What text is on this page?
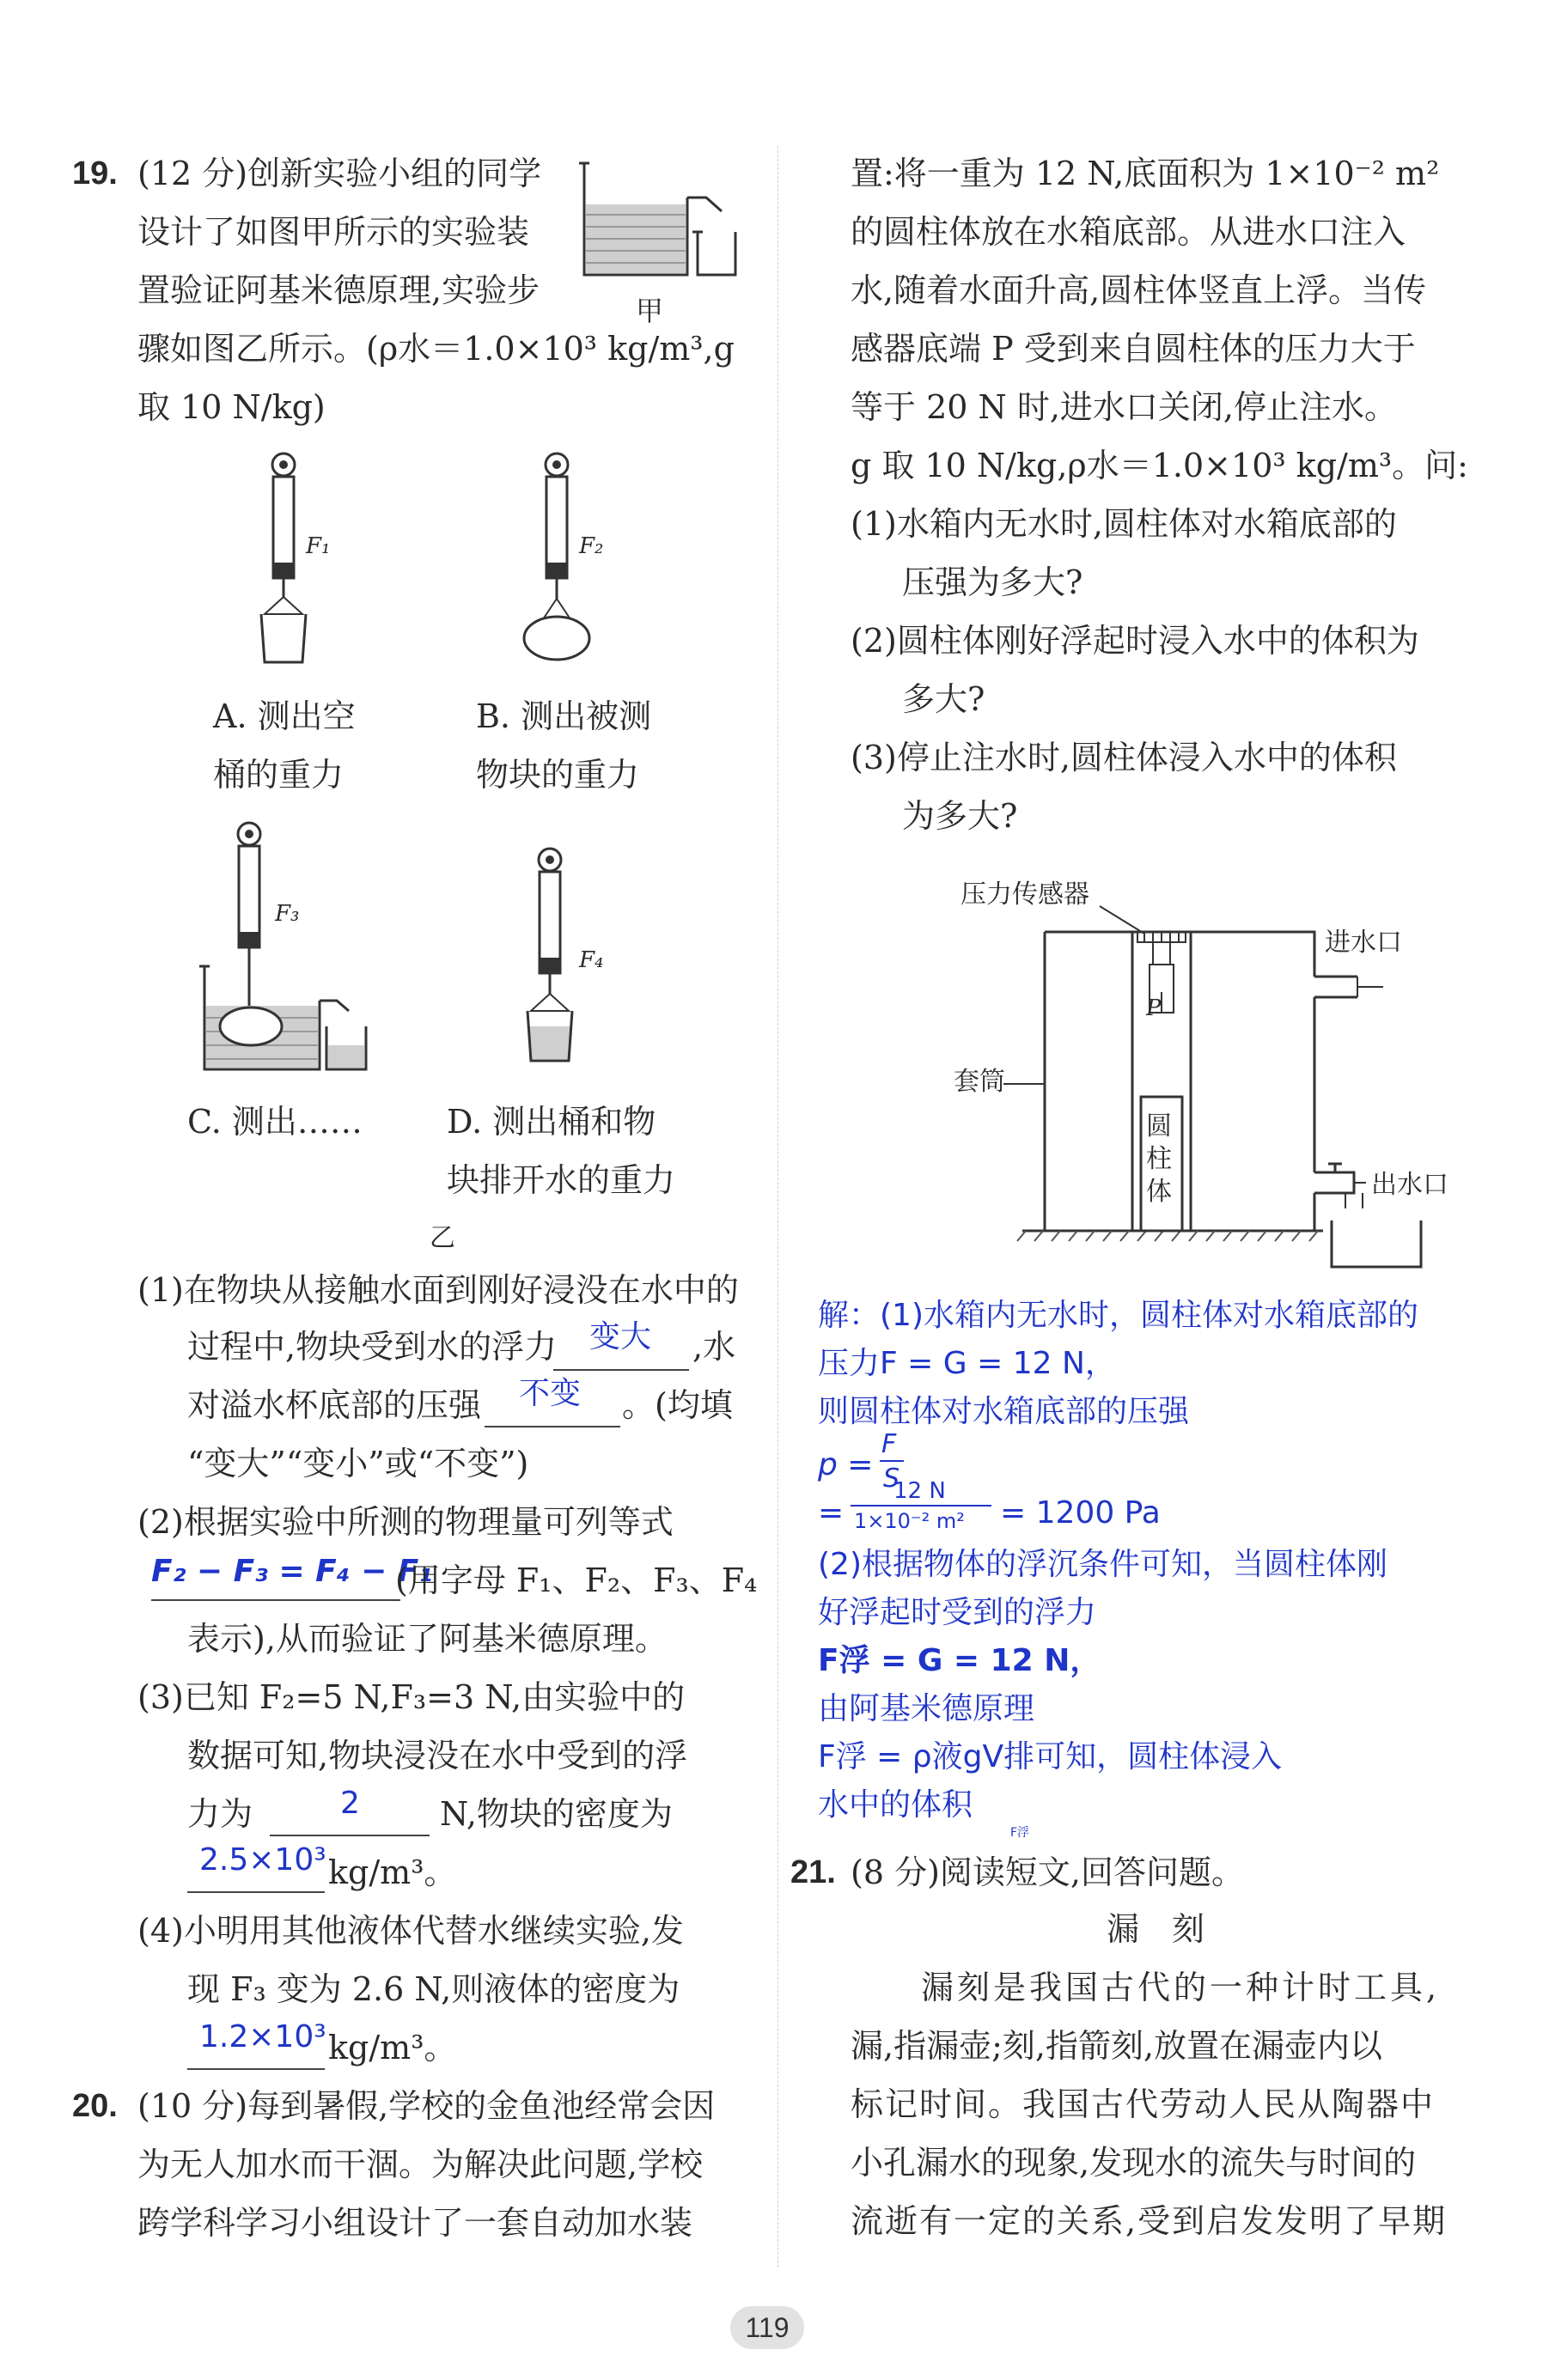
19. (12 分)创新实验小组的同学
设计了如图甲所示的实验装
置验证阿基米德原理,实验步
骤如图乙所示。(ρ水＝1.0×10³ kg/m³,g
取 10 N/kg)
甲
F₁
A. 测出空
桶的重力
F₂
B. 测出被测
物块的重力
F₃
C. 测出……
F₄
D. 测出桶和物
块排开水的重力
乙
(1)在物块从接触水面到刚好浸没在水中的
过程中,物块受到水的浮力 变大 ,水
对溢水杯底部的压强 不变 。(均填
“变大”“变小”或“不变”)
(2)根据实验中所测的物理量可列等式
F₂ − F₃ = F₄ − F₁
(用字母 F₁、F₂、F₃、F₄
表示),从而验证了阿基米德原理。
(3)已知 F₂=5 N,F₃=3 N,由实验中的
数据可知,物块浸没在水中受到的浮
力为	2 N,物块的密度为
2.5×10³ kg/m³。
(4)小明用其他液体代替水继续实验,发
现 F₃ 变为 2.6 N,则液体的密度为
1.2×10³ kg/m³。
20. (10 分)每到暑假,学校的金鱼池经常会因
为无人加水而干涸。为解决此问题,学校
跨学科学习小组设计了一套自动加水装
置:将一重为 12 N,底面积为 1×10⁻² m²
的圆柱体放在水箱底部。从进水口注入
水,随着水面升高,圆柱体竖直上浮。当传
感器底端 P 受到来自圆柱体的压力大于
等于 20 N 时,进水口关闭,停止注水。
g 取 10 N/kg,ρ水＝1.0×10³ kg/m³。问:
(1)水箱内无水时,圆柱体对水箱底部的
压强为多大?
(2)圆柱体刚好浮起时浸入水中的体积为
多大?
(3)停止注水时,圆柱体浸入水中的体积
为多大?
压力传感器
进水口
套筒
P
圆
柱
体	出水口
解：(1)水箱内无水时，圆柱体对水箱底部的
压力F = G = 12 N，
则圆柱体对水箱底部的压强
p =
F
S
=
12 N
1×10⁻² m² = 1200 Pa
(2)根据物体的浮沉条件可知，当圆柱体刚
好浮起时受到的浮力
F浮 = G = 12 N，
由阿基米德原理
F浮 = ρ液gV排可知，圆柱体浸入
水中的体积
F浮
21. (8 分)阅读短文,回答问题。
漏　刻
漏刻是我国古代的一种计时工具,
漏,指漏壶;刻,指箭刻,放置在漏壶内以
标记时间。我国古代劳动人民从陶器中
小孔漏水的现象,发现水的流失与时间的
流逝有一定的关系,受到启发发明了早期
119
